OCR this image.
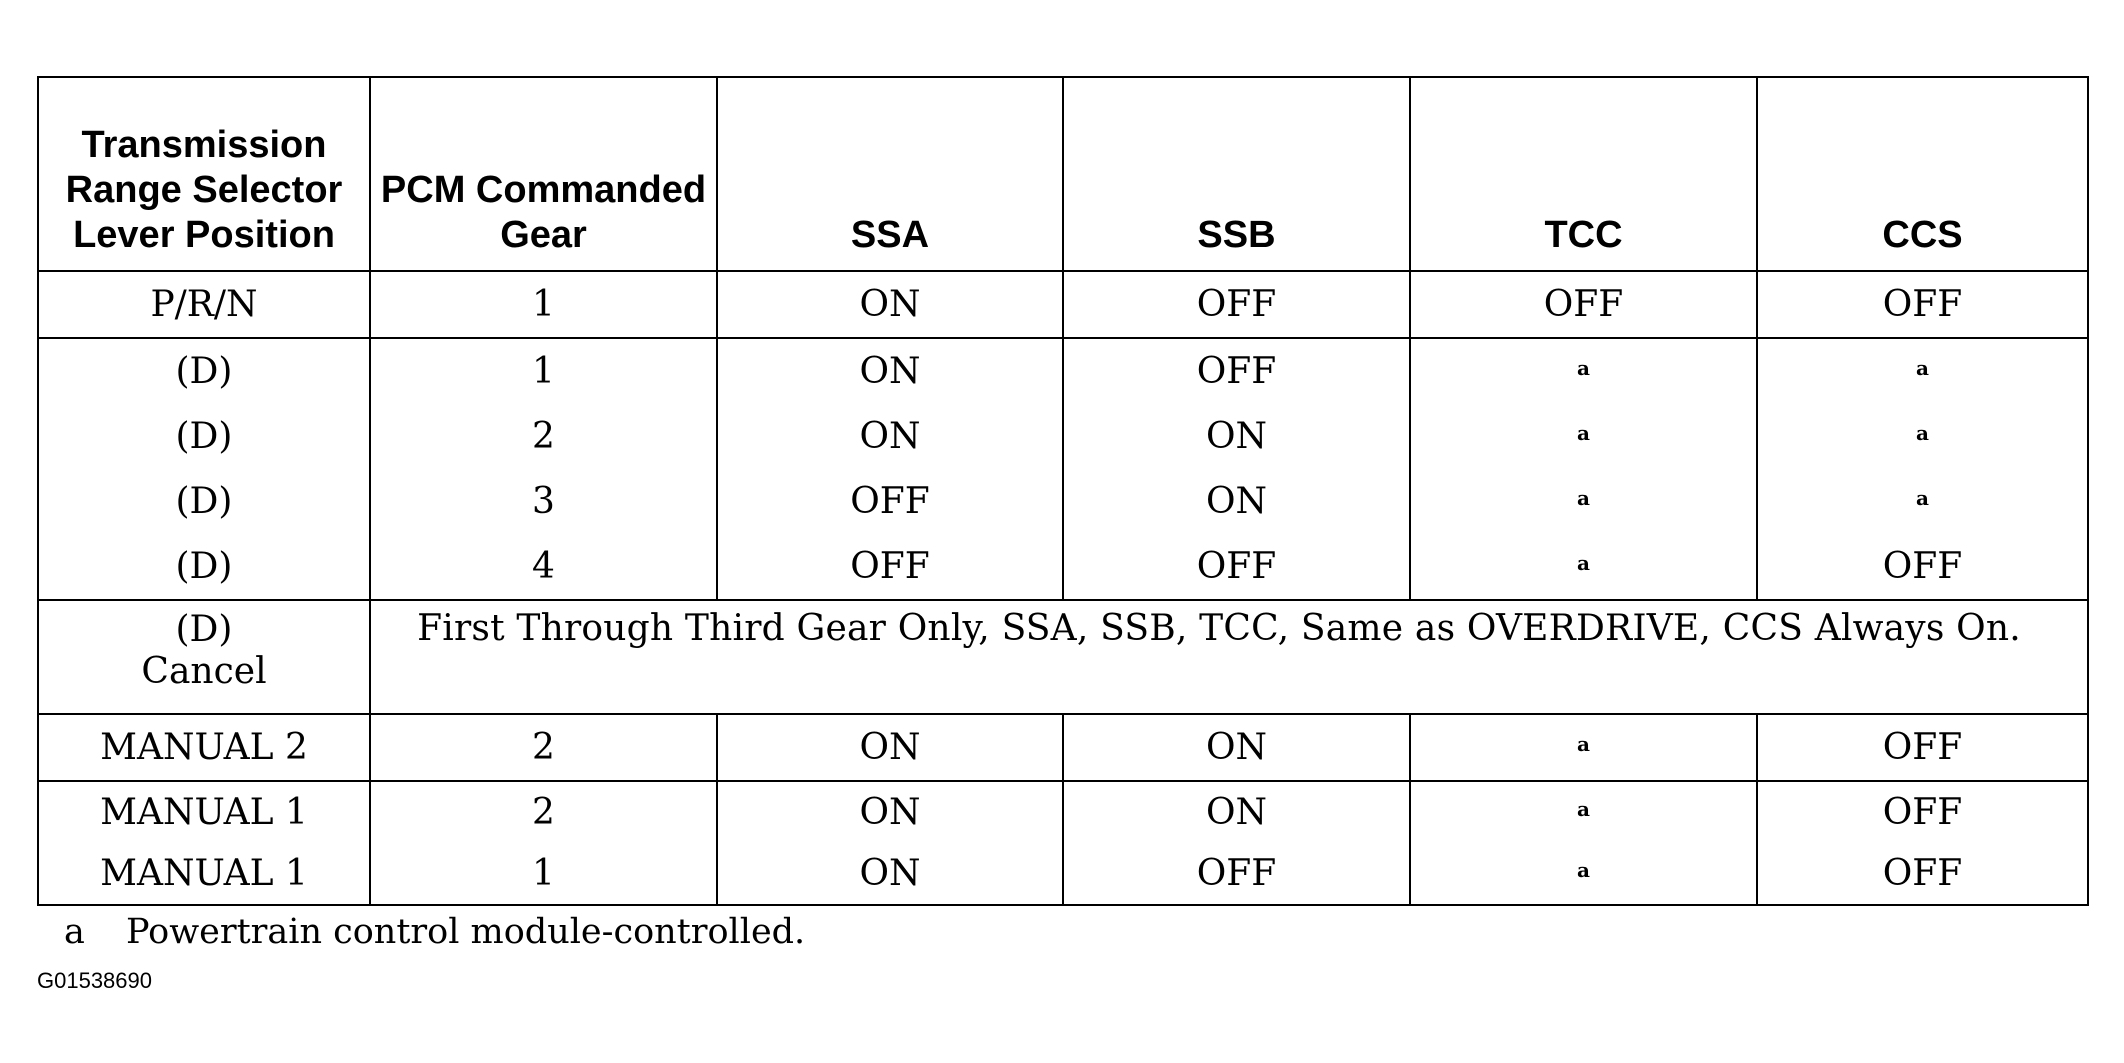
Transmission Range Selector Lever Position	PCM Commanded Gear	SSA	SSB	TCC	CCS
P/R/N	1	ON	OFF	OFF	OFF
(D)	1	ON	OFF	a	a
(D)	2	ON	ON	a	a
(D)	3	OFF	ON	a	a
(D)	4	OFF	OFF	a	OFF

(D)
Cancel	First Through Third Gear Only, SSA, SSB, TCC, Same as OVERDRIVE, CCS Always On.				
MANUAL 2	2	ON	ON	a	OFF
MANUAL 1	2	ON	ON	a	OFF
MANUAL 1	1	ON	OFF	a	OFF
a Powertrain control module-controlled.
G01538690
